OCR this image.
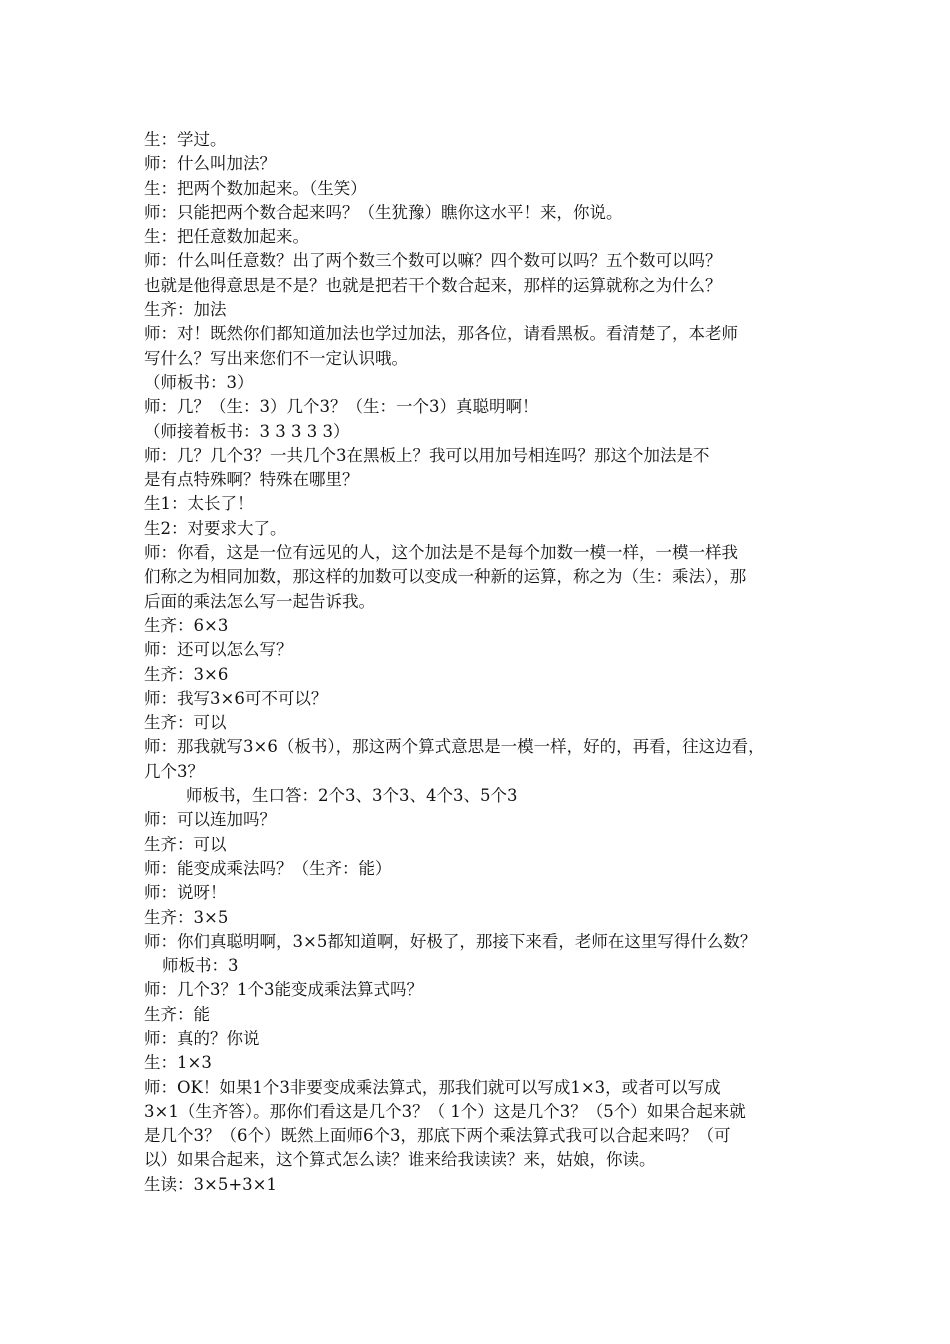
生：学过。
师：什么叫加法？
生：把两个数加起来。（生笑）
师：只能把两个数合起来吗？（生犹豫）瞧你这水平！来，你说。
生：把任意数加起来。
师：什么叫任意数？出了两个数三个数可以嘛？四个数可以吗？五个数可以吗？
也就是他得意思是不是？也就是把若干个数合起来，那样的运算就称之为什么？
生齐：加法
师：对！既然你们都知道加法也学过加法，那各位，请看黑板。看清楚了，本老师
写什么？写出来您们不一定认识哦。
（师板书：3）
师：几？（生：3）几个3？（生：一个3）真聪明啊！
（师接着板书：3 3 3 3 3）
师：几？几个3？一共几个3在黑板上？我可以用加号相连吗？那这个加法是不
是有点特殊啊？特殊在哪里？
生1：太长了！
生2：对要求大了。
师：你看，这是一位有远见的人，这个加法是不是每个加数一模一样，一模一样我
们称之为相同加数，那这样的加数可以变成一种新的运算，称之为（生：乘法），那
后面的乘法怎么写一起告诉我。
生齐：6×3
师：还可以怎么写？
生齐：3×6
师：我写3×6可不可以？
生齐：可以
师：那我就写3×6（板书），那这两个算式意思是一模一样，好的，再看，往这边看，
几个3？
师板书，生口答：2个3、3个3、4个3、5个3
师：可以连加吗？
生齐：可以
师：能变成乘法吗？（生齐：能）
师：说呀！
生齐：3×5
师：你们真聪明啊，3×5都知道啊，好极了，那接下来看，老师在这里写得什么数？
师板书：3
师：几个3？1个3能变成乘法算式吗？
生齐：能
师：真的？你说
生：1×3
师：OK！如果1个3非要变成乘法算式，那我们就可以写成1×3，或者可以写成
3×1（生齐答）。那你们看这是几个3？（ 1个）这是几个3？（5个）如果合起来就
是几个3？（6个）既然上面师6个3，那底下两个乘法算式我可以合起来吗？（可
以）如果合起来，这个算式怎么读？谁来给我读读？来，姑娘，你读。
生读：3×5+3×1
